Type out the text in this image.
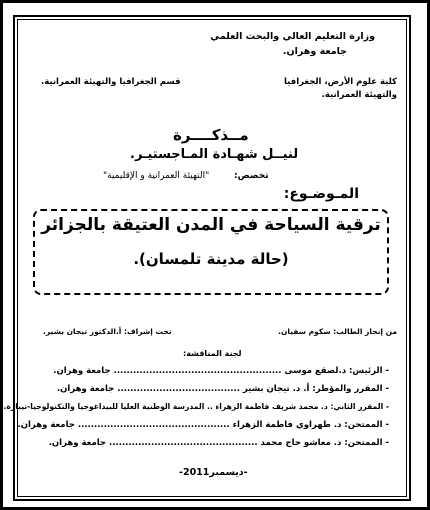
وزارة التعليم العالي والبحث العلمي
جامعة وهران.
كلية علوم الأرض، الجغرافيا
والتهيئة العمرانية.
قسم الجغرافيا والتهيئة العمرانية.
مــذكــــرة
لنيــل شهـادة المـاجستيـر.
تخصص:
"التهيئة العمرانية و الإقليمية"
المـوضـوع:
ترقية السياحة في المدن العتيقة بالجزائر
(حالة مدينة تلمسان).
من إنجاز الطالب: سكوم سفيان.
تحت إشراف: أ.الدكتور تيجان بشير.
لجنة المناقشة:
- الرئيس: د.لصقع موسى .................................................... جامعة وهران.
- المقرر والمؤطر: أ. د. تيجان بشير ...................................... جامعة وهران.
- المقرر الثاني: د. محمد شريف فاطمة الزهراء .. المدرسة الوطنية العليا للبيداغوجيا والتكنولوجيا-تيبازة.
- الممتحن: د. طهراوي فاطمة الزهراء ............................................... جامعة وهران.
- الممتحن: د. معاشو حاج محمد .............................................. جامعة وهران.
-ديسمبر2011-
